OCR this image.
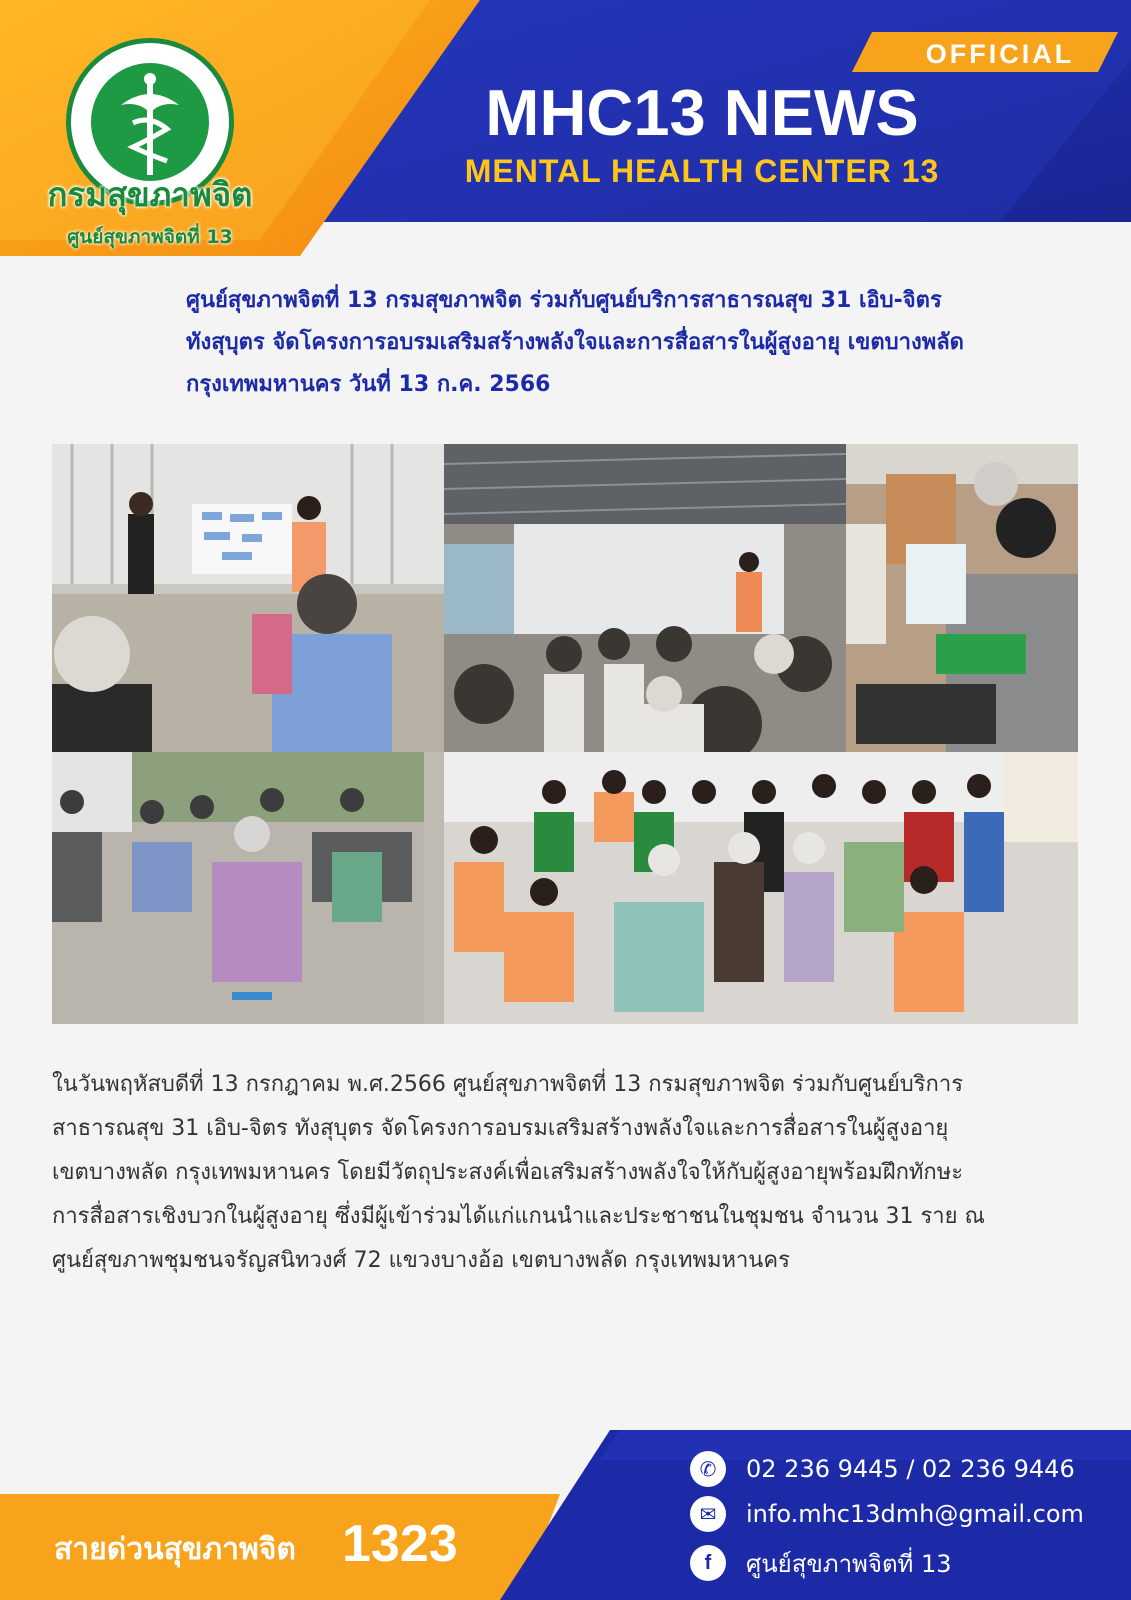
กรมสุขภาพจิต
ศูนย์สุขภาพจิตที่ 13
OFFICIAL
MHC13 NEWS
MENTAL HEALTH CENTER 13
ศูนย์สุขภาพจิตที่ 13 กรมสุขภาพจิต ร่วมกับศูนย์บริการสาธารณสุข 31 เอิบ-จิตร
ทังสุบุตร จัดโครงการอบรมเสริมสร้างพลังใจและการสื่อสารในผู้สูงอายุ เขตบางพลัด
กรุงเทพมหานคร วันที่ 13 ก.ค. 2566
ในวันพฤหัสบดีที่ 13 กรกฎาคม พ.ศ.2566 ศูนย์สุขภาพจิตที่ 13 กรมสุขภาพจิต ร่วมกับศูนย์บริการ
สาธารณสุข 31 เอิบ-จิตร ทังสุบุตร จัดโครงการอบรมเสริมสร้างพลังใจและการสื่อสารในผู้สูงอายุ
เขตบางพลัด กรุงเทพมหานคร โดยมีวัตถุประสงค์เพื่อเสริมสร้างพลังใจให้กับผู้สูงอายุพร้อมฝึกทักษะ
การสื่อสารเชิงบวกในผู้สูงอายุ ซึ่งมีผู้เข้าร่วมได้แก่แกนนำและประชาชนในชุมชน จำนวน 31 ราย ณ
ศูนย์สุขภาพชุมชนจรัญสนิทวงศ์ 72 แขวงบางอ้อ เขตบางพลัด กรุงเทพมหานคร
สายด่วนสุขภาพจิต 1323
✆	02 236 9445 / 02 236 9446
✉	info.mhc13dmh@gmail.com
f	ศูนย์สุขภาพจิตที่ 13
